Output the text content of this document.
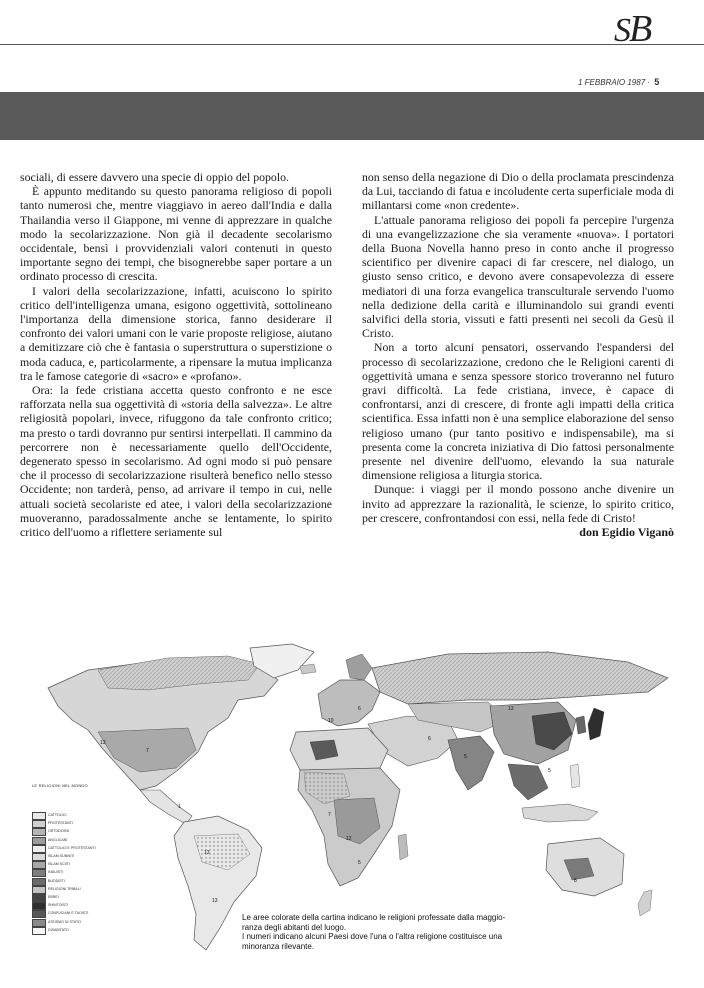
SB
1 FEBBRAIO 1987 · 5

sociali, di essere davvero una specie di oppio del popolo.

È appunto meditando su questo panorama religioso di popoli tanto numerosi che, mentre viaggiavo in aereo dall'India e dalla Thailandia verso il Giappone, mi venne di apprezzare in qualche modo la secolarizzazione. Non già il decadente secolarismo occidentale, bensì i provvidenziali valori contenuti in questo importante segno dei tempi, che bisognerebbe saper portare a un ordinato processo di crescita.

I valori della secolarizzazione, infatti, acuiscono lo spirito critico dell'intelligenza umana, esigono oggettività, sottolineano l'importanza della dimensione storica, fanno desiderare il confronto dei valori umani con le varie proposte religiose, aiutano a demitizzare ciò che è fantasia o superstruttura o superstizione o moda caduca, e, particolarmente, a ripensare la mutua implicanza tra le famose categorie di «sacro» e «profano».

Ora: la fede cristiana accetta questo confronto e ne esce rafforzata nella sua oggettività di «storia della salvezza». Le altre religiosità popolari, invece, rifuggono da tale confronto critico; ma presto o tardi dovranno pur sentirsi interpellati. Il cammino da percorrere non è necessariamente quello dell'Occidente, degenerato spesso in secolarismo. Ad ogni modo si può pensare che il processo di secolarizzazione risulterà benefico nello stesso Occidente; non tarderà, penso, ad arrivare il tempo in cui, nelle attuali società secolariste ed atee, i valori della secolarizzazione muoveranno, paradossalmente anche se lentamente, lo spirito critico dell'uomo a riflettere seriamente sul

non senso della negazione di Dio o della proclamata prescindenza da Lui, tacciando di fatua e incoludente certa superficiale moda di millantarsi come «non credente».

L'attuale panorama religioso dei popoli fa percepire l'urgenza di una evangelizzazione che sia veramente «nuova». I portatori della Buona Novella hanno preso in conto anche il progresso scientifico per divenire capaci di far crescere, nel dialogo, un giusto senso critico, e devono avere consapevolezza di essere mediatori di una forza evangelica transculturale servendo l'uomo nella dedizione della carità e illuminandolo sui grandi eventi salvifici della storia, vissuti e fatti presenti nei secoli da Gesù il Cristo.

Non a torto alcuni pensatori, osservando l'espandersi del processo di secolarizzazione, credono che le Religioni carenti di oggettività umana e senza spessore storico troveranno nel futuro gravi difficoltà. La fede cristiana, invece, è capace di confrontarsi, anzi di crescere, di fronte agli impatti della critica scientifica. Essa infatti non è una semplice elaborazione del senso religioso umano (pur tanto positivo e indispensabile), ma si presenta come la concreta iniziativa di Dio fattosi personalmente presente nel divenire dell'uomo, elevando la sua naturale dimensione religiosa a liturgia storica.

Dunque: i viaggi per il mondo possono anche divenire un invito ad apprezzare la razionalità, le scienze, lo spirito critico, per crescere, confrontandosi con essi, nella fede di Cristo!

don Egidio Viganò

13
7
1
13
13
10
6
6
5
13
5
7
5
8
12
LE RELIGIONI NEL MONDO
CATTOLICI
PROTESTANTI
ORTODOSSI
ANGLICANI
CATTOLICI E PROTESTANTI
ISLAM SUNNITI
ISLAM SCIITI
INDUISTI
BUDDISTI
RELIGIONI TRIBALI
EBREI
SHINTOISTI
CONFUCIANI E TAOISTI
ATEISMO DI STATO
DISABITATO
Le aree colorate della cartina indicano le religioni professate dalla maggio-
ranza degli abitanti del luogo.
I numeri indicano alcuni Paesi dove l'una o l'altra religione costituisce una
minoranza rilevante.
